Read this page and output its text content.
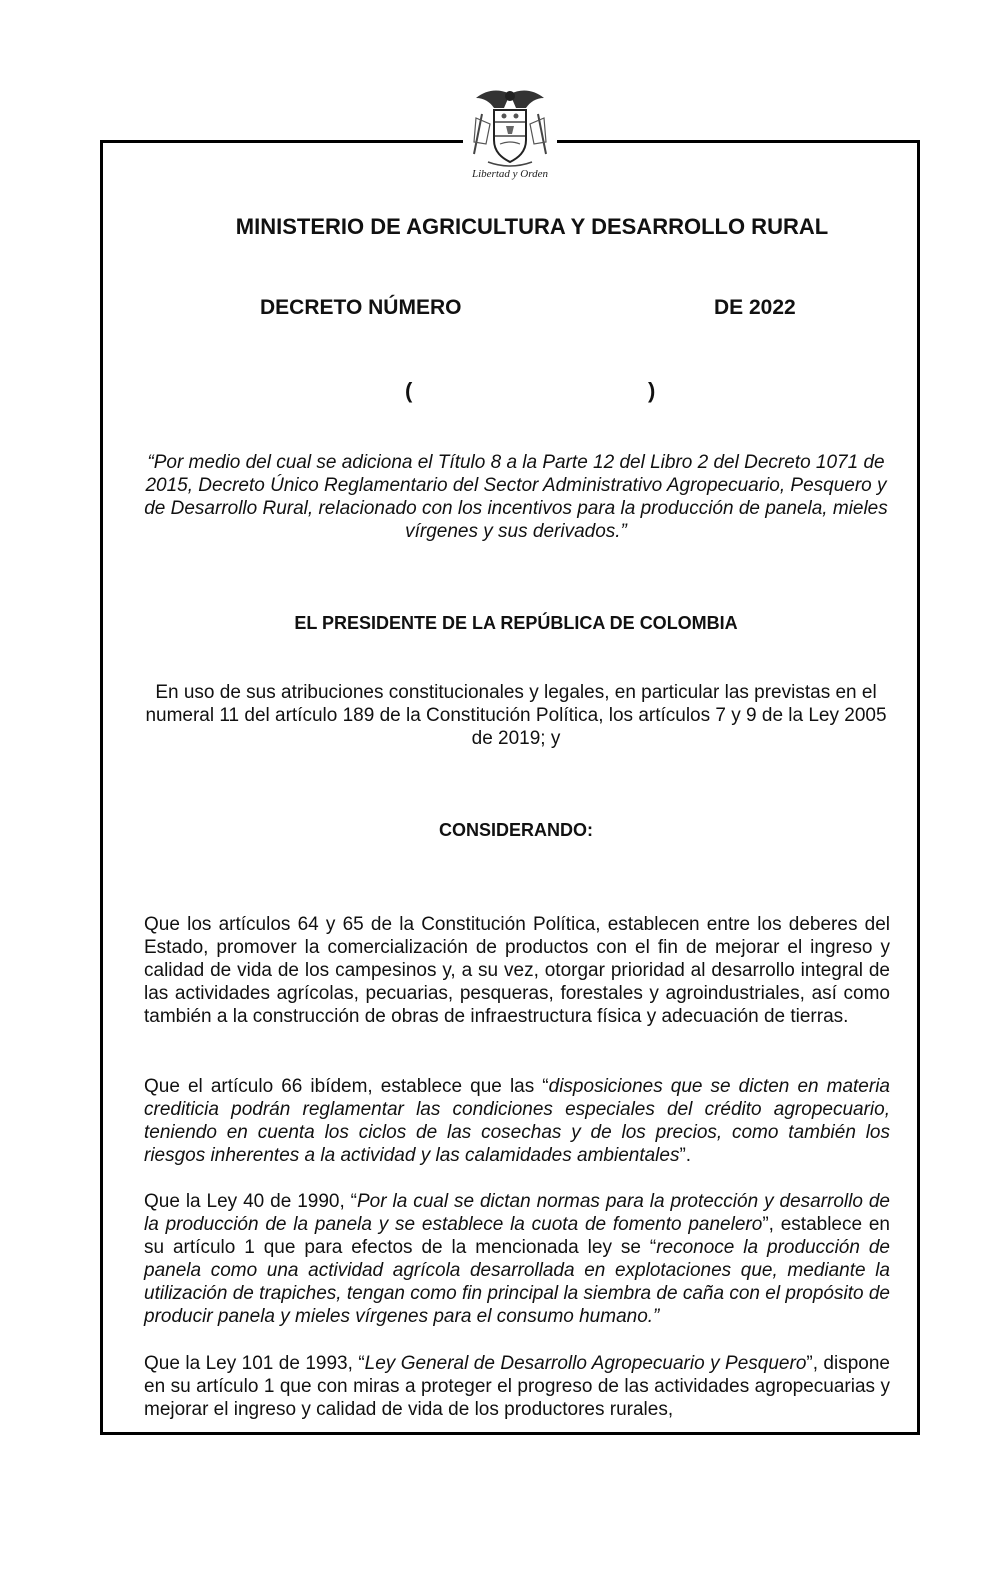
Libertad y Orden
MINISTERIO DE AGRICULTURA Y DESARROLLO RURAL
DECRETO NÚMERO	DE 2022
(	)
“Por medio del cual se adiciona el Título 8 a la Parte 12 del Libro 2 del Decreto 1071 de 2015, Decreto Único Reglamentario del Sector Administrativo Agropecuario, Pesquero y de Desarrollo Rural, relacionado con los incentivos para la producción de panela, mieles vírgenes y sus derivados.”
EL PRESIDENTE DE LA REPÚBLICA DE COLOMBIA
En uso de sus atribuciones constitucionales y legales, en particular las previstas en el numeral 11 del artículo 189 de la Constitución Política, los artículos 7 y 9 de la Ley 2005 de 2019; y
CONSIDERANDO:
Que los artículos 64 y 65 de la Constitución Política, establecen entre los deberes del Estado, promover la comercialización de productos con el fin de mejorar el ingreso y calidad de vida de los campesinos y, a su vez, otorgar prioridad al desarrollo integral de las actividades agrícolas, pecuarias, pesqueras, forestales y agroindustriales, así como también a la construcción de obras de infraestructura física y adecuación de tierras.
Que el artículo 66 ibídem, establece que las “disposiciones que se dicten en materia crediticia podrán reglamentar las condiciones especiales del crédito agropecuario, teniendo en cuenta los ciclos de las cosechas y de los precios, como también los riesgos inherentes a la actividad y las calamidades ambientales”.
Que la Ley 40 de 1990, “Por la cual se dictan normas para la protección y desarrollo de la producción de la panela y se establece la cuota de fomento panelero”, establece en su artículo 1 que para efectos de la mencionada ley se “reconoce la producción de panela como una actividad agrícola desarrollada en explotaciones que, mediante la utilización de trapiches, tengan como fin principal la siembra de caña con el propósito de producir panela y mieles vírgenes para el consumo humano.”
Que la Ley 101 de 1993, “Ley General de Desarrollo Agropecuario y Pesquero”, dispone en su artículo 1 que con miras a proteger el progreso de las actividades agropecuarias y mejorar el ingreso y calidad de vida de los productores rurales,
